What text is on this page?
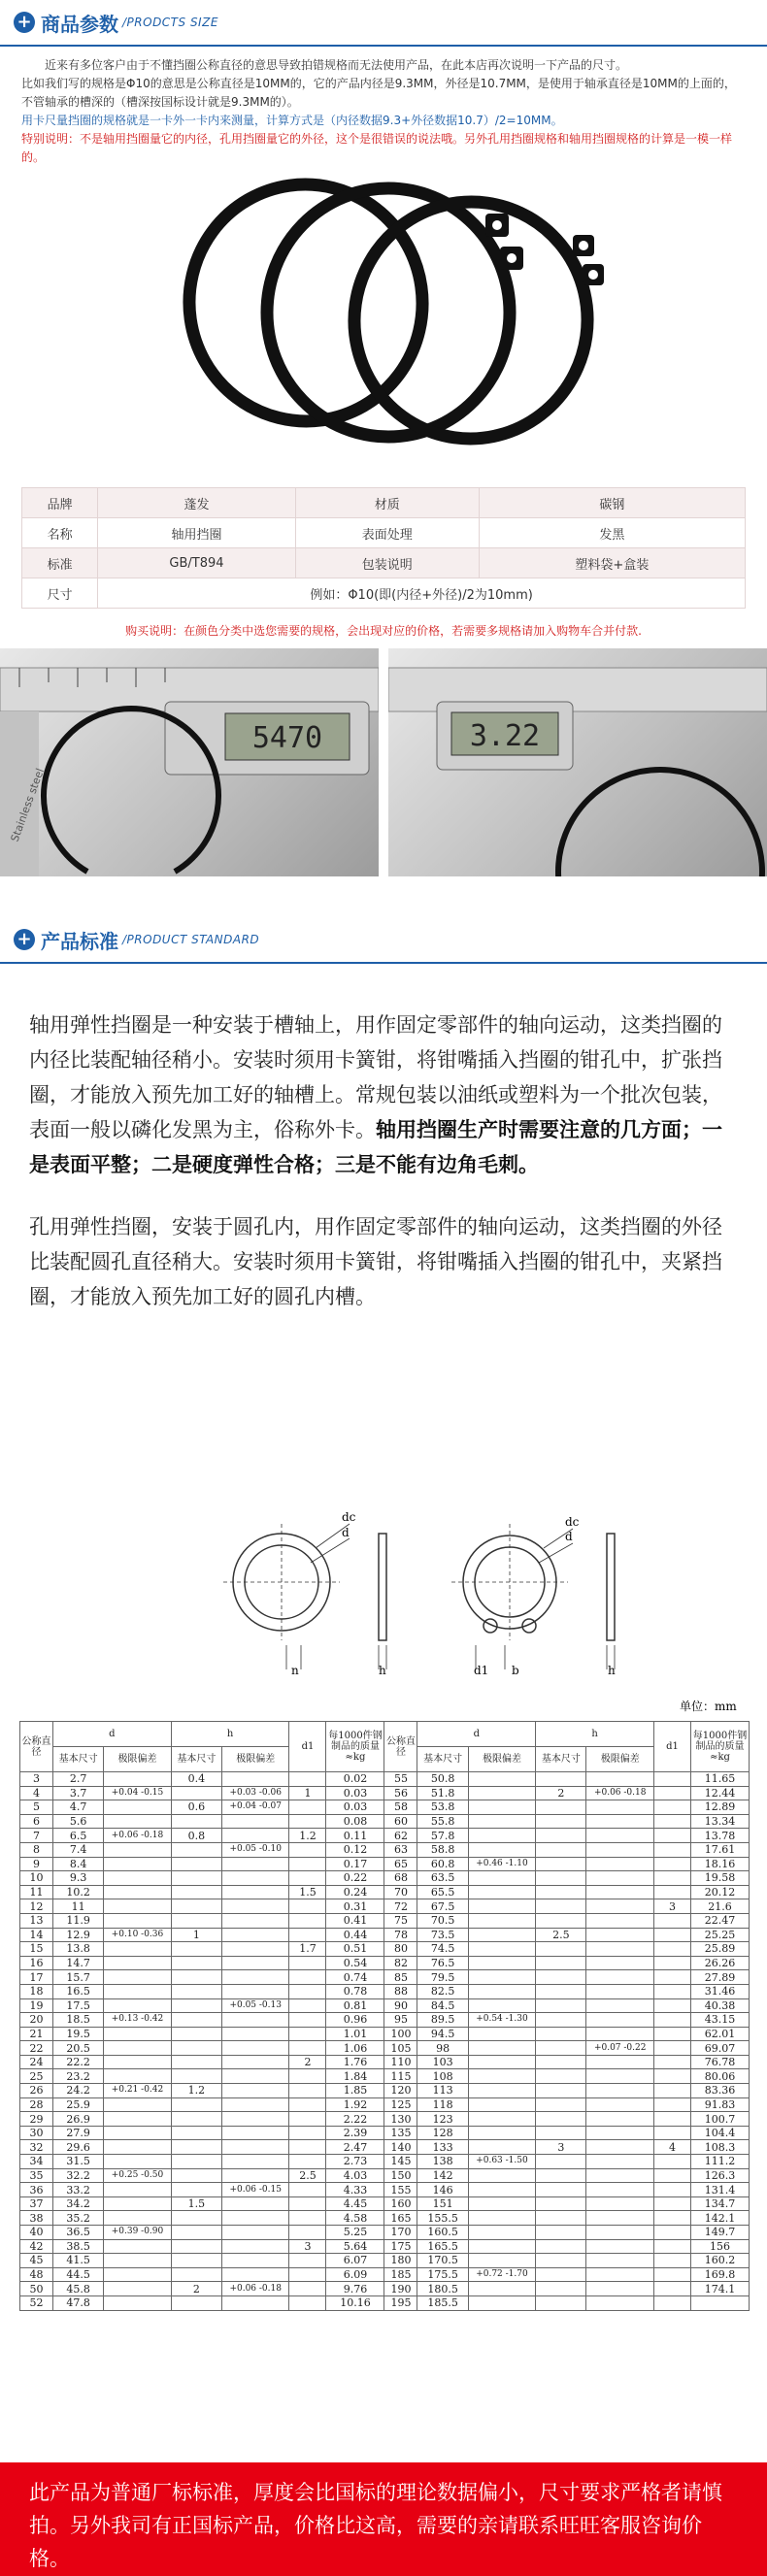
+ 商品参数 /PRODCTS SIZE

近来有多位客户由于不懂挡圈公称直径的意思导致拍错规格而无法使用产品，在此本店再次说明一下产品的尺寸。

比如我们写的规格是Φ10的意思是公称直径是10MM的，它的产品内径是9.3MM，外径是10.7MM，是使用于轴承直径是10MM的上面的，不管轴承的槽深的（槽深按国标设计就是9.3MM的）。

用卡尺量挡圈的规格就是一卡外一卡内来测量，计算方式是（内径数据9.3+外径数据10.7）/2=10MM。

特别说明：不是轴用挡圈量它的内径，孔用挡圈量它的外径，这个是很错误的说法哦。另外孔用挡圈规格和轴用挡圈规格的计算是一模一样的。

品牌	蓬发	材质	碳钢
名称	轴用挡圈	表面处理	发黑
标准	GB/T894	包装说明	塑料袋+盒装
尺寸	例如：Φ10(即(内径+外径)/2为10mm)		
购买说明：在颜色分类中选您需要的规格，会出现对应的价格，若需要多规格请加入购物车合并付款.
5470
Stainless steel
3.22
+ 产品标准 /PRODUCT STANDARD

轴用弹性挡圈是一种安装于槽轴上，用作固定零部件的轴向运动，这类挡圈的内径比装配轴径稍小。安装时须用卡簧钳，将钳嘴插入挡圈的钳孔中，扩张挡圈，才能放入预先加工好的轴槽上。常规包装以油纸或塑料为一个批次包装，表面一般以磷化发黑为主，俗称外卡。轴用挡圈生产时需要注意的几方面；一是表面平整；二是硬度弹性合格；三是不能有边角毛刺。

孔用弹性挡圈，安装于圆孔内，用作固定零部件的轴向运动，这类挡圈的外径比装配圆孔直径稍大。安装时须用卡簧钳，将钳嘴插入挡圈的钳孔中，夹紧挡圈，才能放入预先加工好的圆孔内槽。

dc
d
n	h	d1 b
dc
d
h
单位：mm
公称直径	d		h		d1	每1000件钢制品的质量≈kg	公称直径	d		h		d1	每1000件钢制品的质量≈kg
	基本尺寸	极限偏差	基本尺寸	极限偏差				基本尺寸	极限偏差	基本尺寸	极限偏差		
3	2.7		0.4			0.02	55	50.8					11.65
4	3.7	+0.04 -0.15		+0.03 -0.06	1	0.03	56	51.8		2	+0.06 -0.18		12.44
5	4.7		0.6	+0.04 -0.07		0.03	58	53.8					12.89
6	5.6					0.08	60	55.8					13.34
7	6.5	+0.06 -0.18	0.8		1.2	0.11	62	57.8					13.78
8	7.4			+0.05 -0.10		0.12	63	58.8					17.61
9	8.4					0.17	65	60.8	+0.46 -1.10				18.16
10	9.3					0.22	68	63.5					19.58
11	10.2				1.5	0.24	70	65.5					20.12
12	11					0.31	72	67.5				3	21.6
13	11.9					0.41	75	70.5					22.47
14	12.9	+0.10 -0.36	1			0.44	78	73.5		2.5			25.25
15	13.8				1.7	0.51	80	74.5					25.89
16	14.7					0.54	82	76.5					26.26
17	15.7					0.74	85	79.5					27.89
18	16.5					0.78	88	82.5					31.46
19	17.5			+0.05 -0.13		0.81	90	84.5					40.38
20	18.5	+0.13 -0.42				0.96	95	89.5	+0.54 -1.30				43.15
21	19.5					1.01	100	94.5					62.01
22	20.5					1.06	105	98			+0.07 -0.22		69.07
24	22.2				2	1.76	110	103					76.78
25	23.2					1.84	115	108					80.06
26	24.2	+0.21 -0.42	1.2			1.85	120	113					83.36
28	25.9					1.92	125	118					91.83
29	26.9					2.22	130	123					100.7
30	27.9					2.39	135	128					104.4
32	29.6					2.47	140	133		3		4	108.3
34	31.5					2.73	145	138	+0.63 -1.50				111.2
35	32.2	+0.25 -0.50			2.5	4.03	150	142					126.3
36	33.2			+0.06 -0.15		4.33	155	146					131.4
37	34.2		1.5			4.45	160	151					134.7
38	35.2					4.58	165	155.5					142.1
40	36.5	+0.39 -0.90				5.25	170	160.5					149.7
42	38.5				3	5.64	175	165.5					156
45	41.5					6.07	180	170.5					160.2
48	44.5					6.09	185	175.5	+0.72 -1.70				169.8
50	45.8		2	+0.06 -0.18		9.76	190	180.5					174.1
52	47.8					10.16	195	185.5					
此产品为普通厂标标准，厚度会比国标的理论数据偏小，尺寸要求严格者请慎拍。另外我司有正国标产品，价格比这高，需要的亲请联系旺旺客服咨询价格。
